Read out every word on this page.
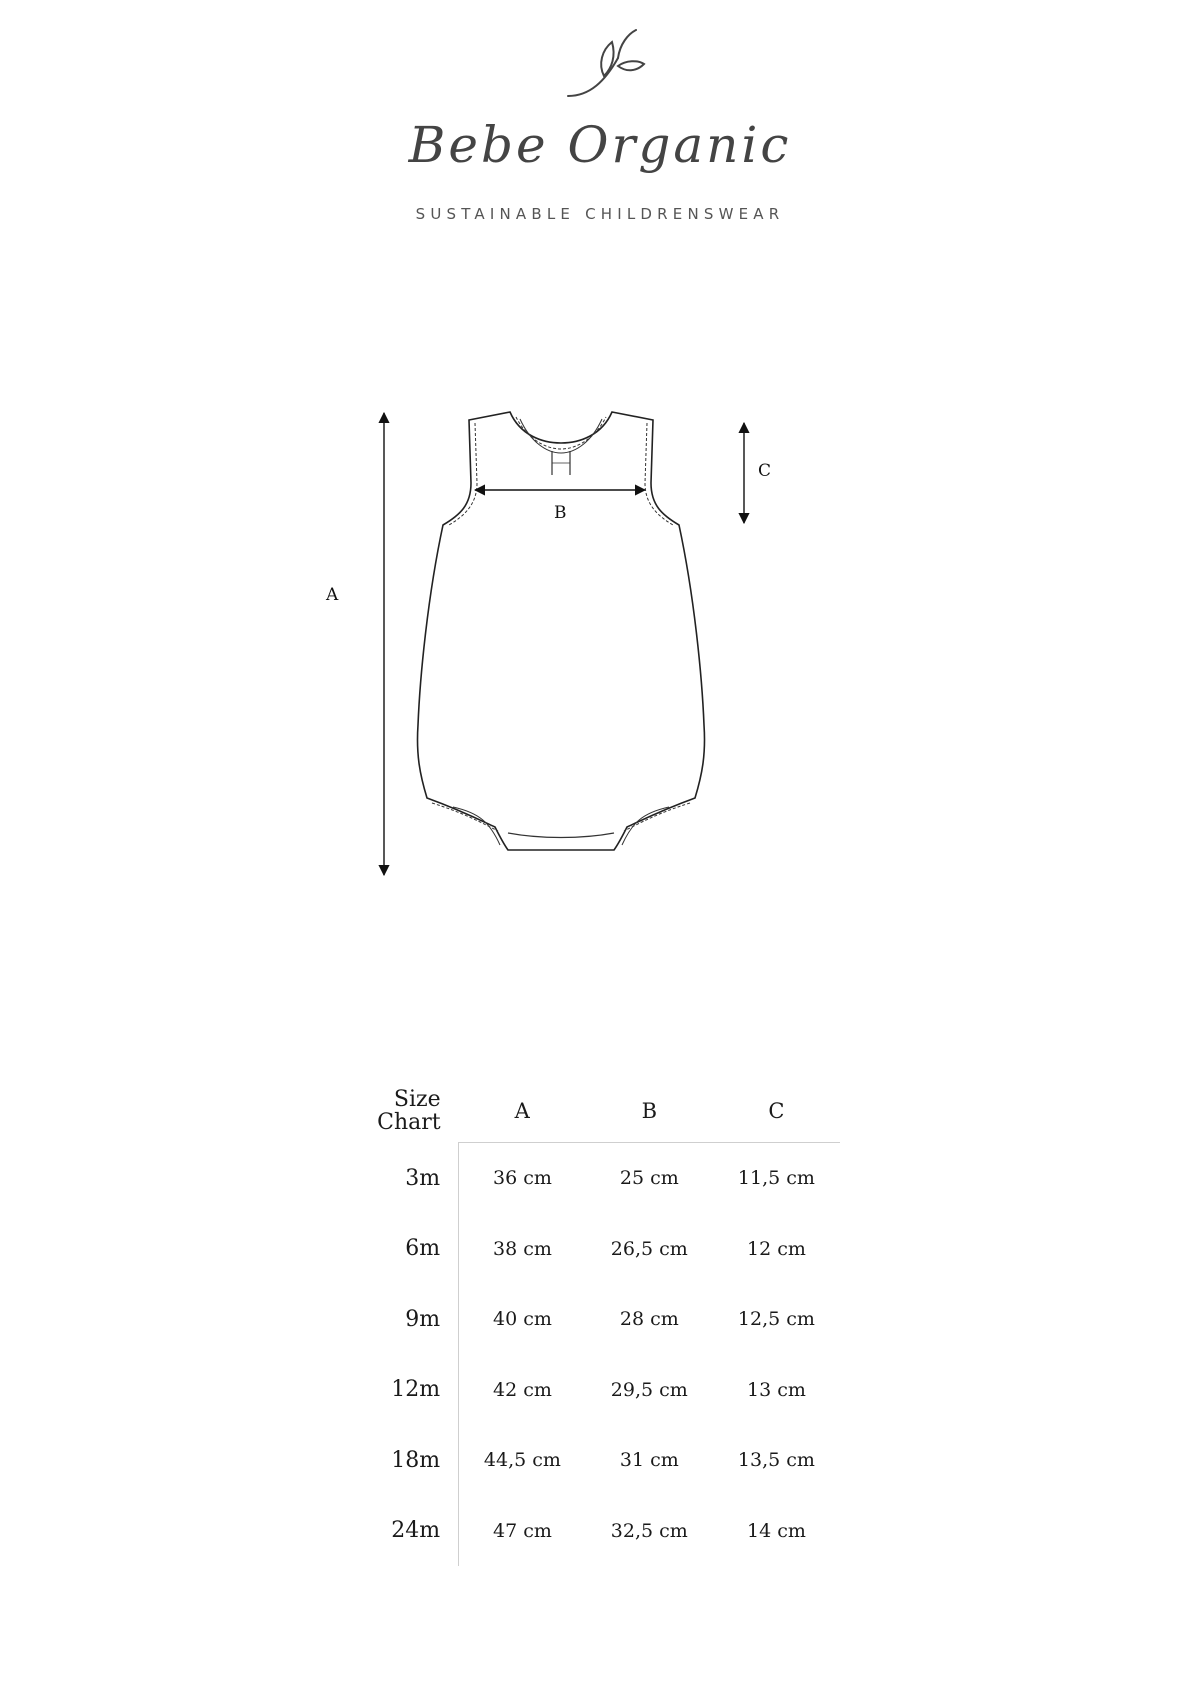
Bebe Organic
SUSTAINABLE CHILDRENSWEAR
A
B
C
Size
Chart	A	B	C
3m	36 cm	25 cm	11,5 cm
6m	38 cm	26,5 cm	12 cm
9m	40 cm	28 cm	12,5 cm
12m	42 cm	29,5 cm	13 cm
18m	44,5 cm	31 cm	13,5 cm
24m	47 cm	32,5 cm	14 cm
